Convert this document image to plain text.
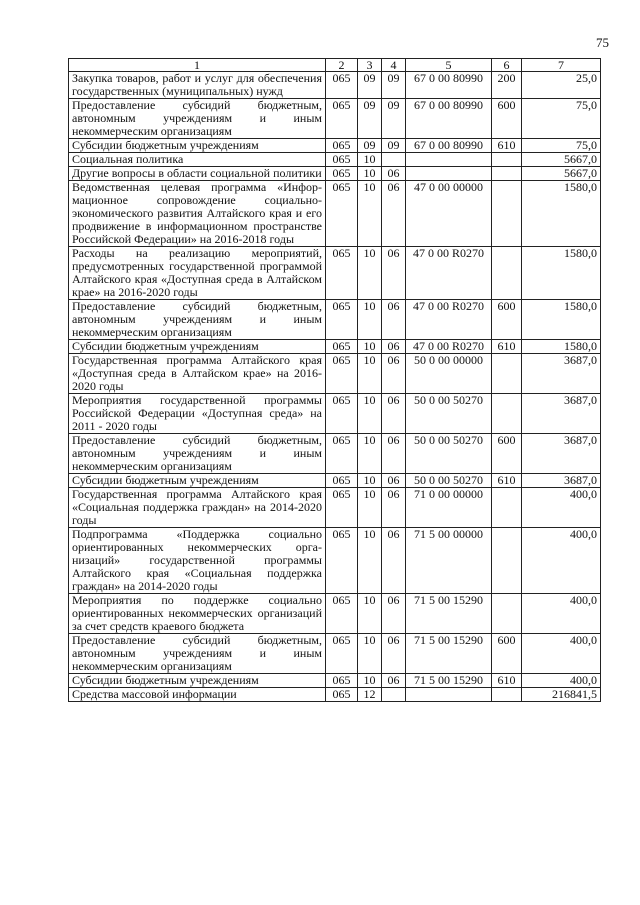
75
1	2	3	4	5	6	7
Закупка товаров, работ и услуг для обеспечения государственных (муниципальных) нужд	065	09	09	67 0 00 80990	200	25,0
Предоставление субсидий бюджетным, автономным учреждениям и иным некоммерческим организациям	065	09	09	67 0 00 80990	600	75,0
Субсидии бюджетным учреждениям	065	09	09	67 0 00 80990	610	75,0
Социальная политика	065	10				5667,0
Другие вопросы в области социальной политики	065	10	06			5667,0
Ведомственная целевая программа «Информационное сопровождение социально-экономического развития Алтайского края и его продвижение в информационном пространстве Российской Федерации» на 2016-2018 годы	065	10	06	47 0 00 00000		1580,0
Расходы на реализацию мероприятий, предусмотренных государственной программой Алтайского края «Доступная среда в Алтайском крае» на 2016-2020 годы	065	10	06	47 0 00 R0270		1580,0
Предоставление субсидий бюджетным, автономным учреждениям и иным некоммерческим организациям	065	10	06	47 0 00 R0270	600	1580,0
Субсидии бюджетным учреждениям	065	10	06	47 0 00 R0270	610	1580,0
Государственная программа Алтайского края «Доступная среда в Алтайском крае» на 2016-2020 годы	065	10	06	50 0 00 00000		3687,0
Мероприятия государственной программы Российской Федерации «Доступная среда» на 2011 - 2020 годы	065	10	06	50 0 00 50270		3687,0
Предоставление субсидий бюджетным, автономным учреждениям и иным некоммерческим организациям	065	10	06	50 0 00 50270	600	3687,0
Субсидии бюджетным учреждениям	065	10	06	50 0 00 50270	610	3687,0
Государственная программа Алтайского края «Социальная поддержка граждан» на 2014-2020 годы	065	10	06	71 0 00 00000		400,0
Подпрограмма «Поддержка социально ориентированных некоммерческих организаций» государственной программы Алтайского края «Социальная поддержка граждан» на 2014-2020 годы	065	10	06	71 5 00 00000		400,0
Мероприятия по поддержке социально ориентированных некоммерческих организаций за счет средств краевого бюджета	065	10	06	71 5 00 15290		400,0
Предоставление субсидий бюджетным, автономным учреждениям и иным некоммерческим организациям	065	10	06	71 5 00 15290	600	400,0
Субсидии бюджетным учреждениям	065	10	06	71 5 00 15290	610	400,0
Средства массовой информации	065	12				216841,5
